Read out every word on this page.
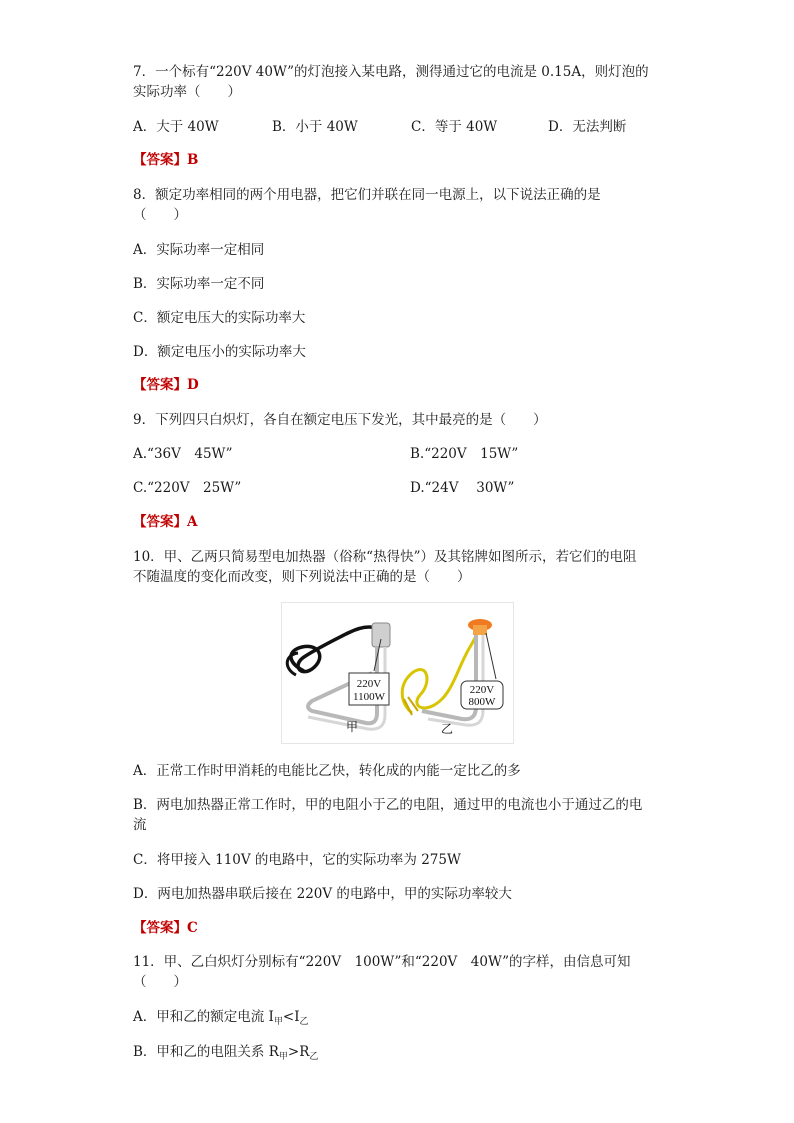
7．一个标有“220V 40W”的灯泡接入某电路，测得通过它的电流是 0.15A，则灯泡的
实际功率（　　）
A．大于 40W	B．小于 40W	C．等于 40W	D．无法判断
【答案】B
8．额定功率相同的两个用电器，把它们并联在同一电源上，以下说法正确的是
（　　）
A．实际功率一定相同
B．实际功率一定不同
C．额定电压大的实际功率大
D．额定电压小的实际功率大
【答案】D
9．下列四只白炽灯，各自在额定电压下发光，其中最亮的是（　　）
A.“36V　45W”	B.“220V　15W”
C.“220V　25W”	D.“24V　 30W”
【答案】A
10．甲、乙两只简易型电加热器（俗称“热得快”）及其铭牌如图所示，若它们的电阻
不随温度的变化而改变，则下列说法中正确的是（　　）
220V
1100W
甲
220V
800W
乙
A．正常工作时甲消耗的电能比乙快，转化成的内能一定比乙的多
B．两电加热器正常工作时，甲的电阻小于乙的电阻，通过甲的电流也小于通过乙的电
流
C．将甲接入 110V 的电路中，它的实际功率为 275W
D．两电加热器串联后接在 220V 的电路中，甲的实际功率较大
【答案】C
11．甲、乙白炽灯分别标有“220V　100W”和“220V　40W”的字样，由信息可知
（　　）
A．甲和乙的额定电流 $I_甲<I_乙$
B．甲和乙的电阻关系 $R_甲>R_乙$
